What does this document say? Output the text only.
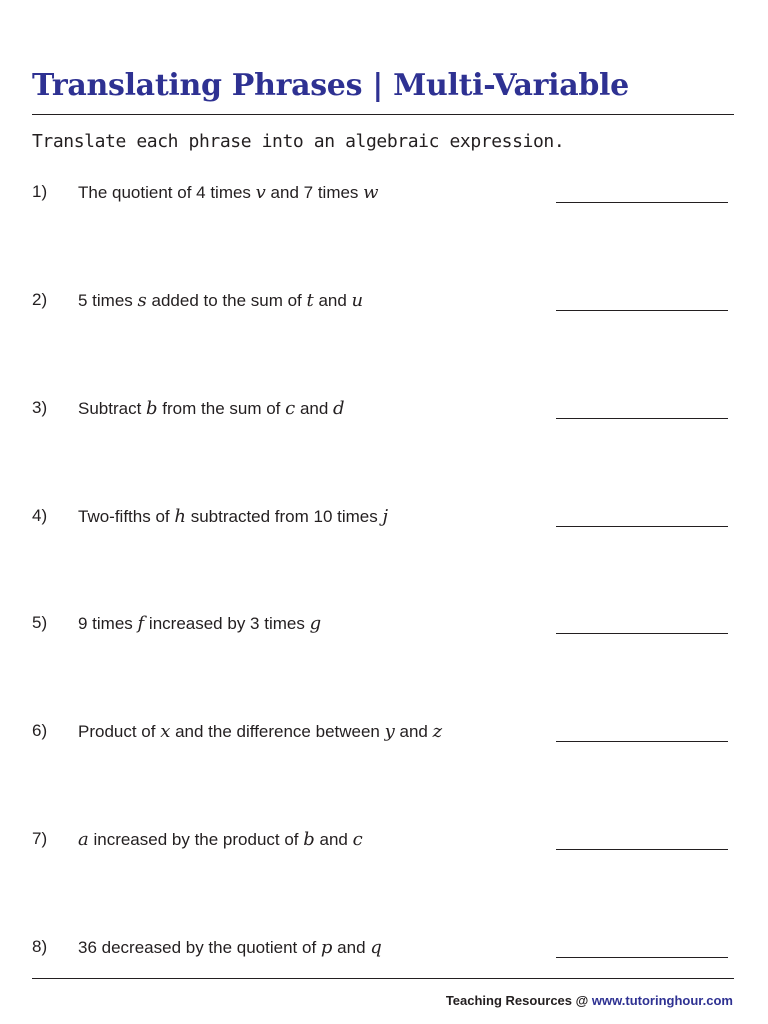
Translating Phrases | Multi-Variable

Translate each phrase into an algebraic expression.

1) The quotient of 4 times v and 7 times w
2) 5 times s added to the sum of t and u
3) Subtract b from the sum of c and d
4) Two-fifths of h subtracted from 10 times j
5) 9 times f increased by 3 times g
6) Product of x and the difference between y and z
7) a increased by the product of b and c
8) 36 decreased by the quotient of p and q
Teaching Resources @ www.tutoringhour.com
